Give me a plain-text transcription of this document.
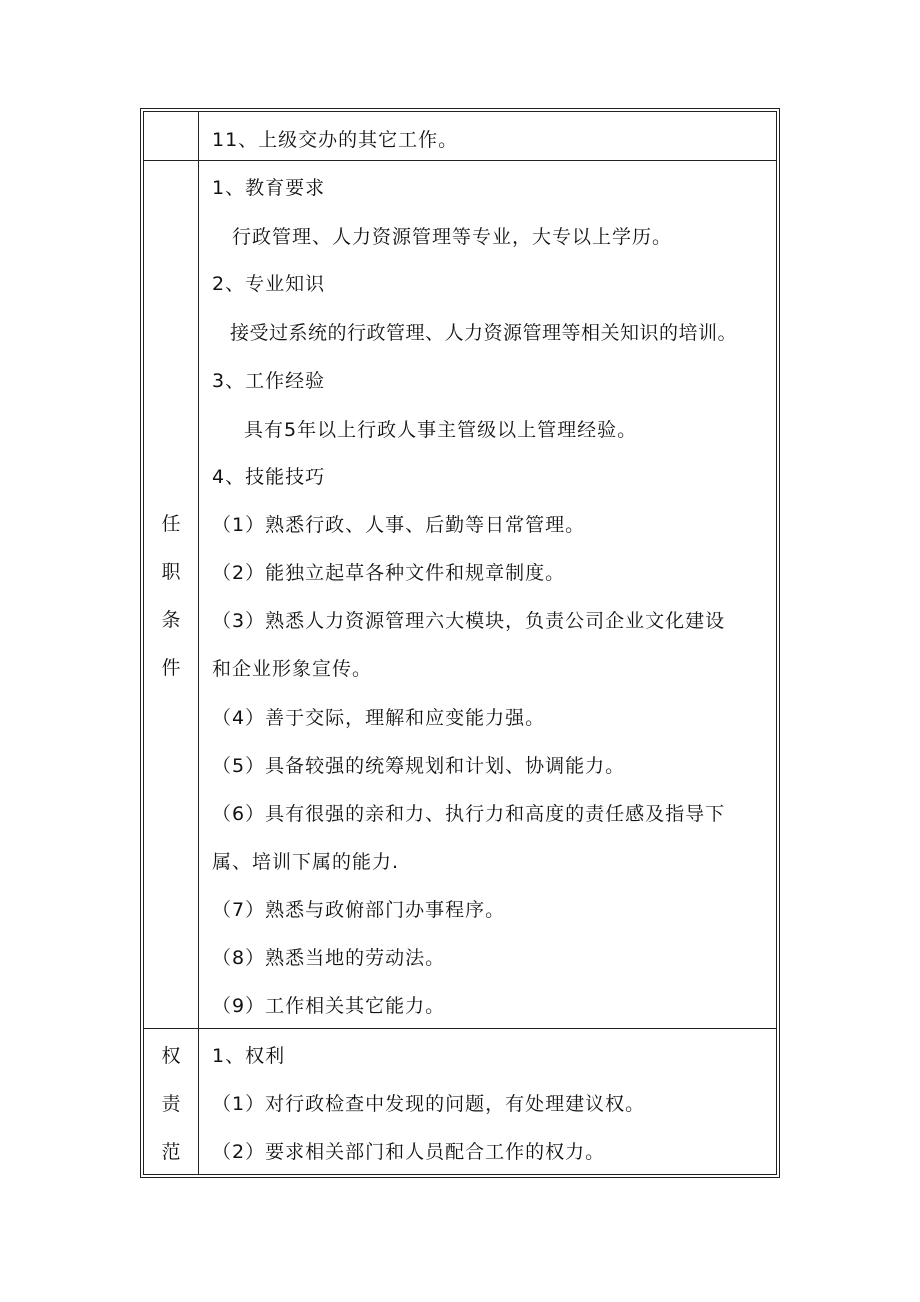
11、上级交办的其它工作。
任
职
条
件
1、教育要求
行政管理、人力资源管理等专业，大专以上学历。
2、专业知识
接受过系统的行政管理、人力资源管理等相关知识的培训。
3、工作经验
具有5年以上行政人事主管级以上管理经验。
4、技能技巧
（1）熟悉行政、人事、后勤等日常管理。
（2）能独立起草各种文件和规章制度。
（3）熟悉人力资源管理六大模块，负责公司企业文化建设
和企业形象宣传。
（4）善于交际，理解和应变能力强。
（5）具备较强的统筹规划和计划、协调能力。
（6）具有很强的亲和力、执行力和高度的责任感及指导下
属、培训下属的能力.
（7）熟悉与政俯部门办事程序。
（8）熟悉当地的劳动法。
（9）工作相关其它能力。
权
责
范
1、权利
（1）对行政检查中发现的问题，有处理建议权。
（2）要求相关部门和人员配合工作的权力。
